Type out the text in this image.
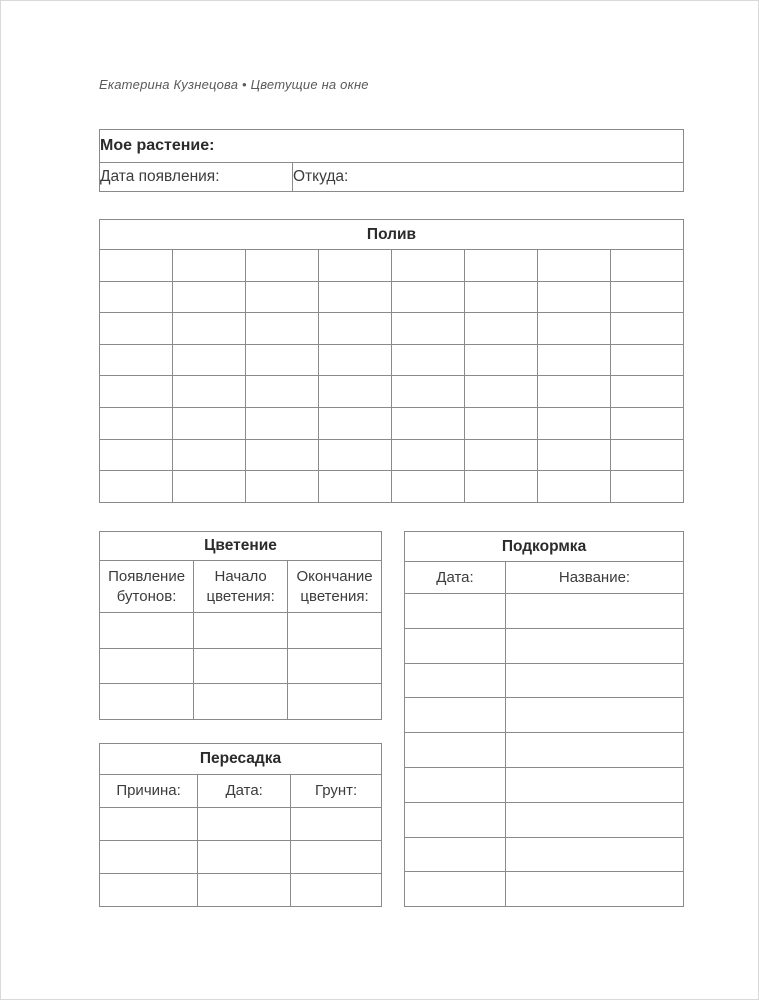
Екатерина Кузнецова • Цветущие на окне
Мое растение:
Дата появления:	Откуда:
Полив							

Цветение		
Появление бутонов:	Начало цветения:	Окончание цветения:

Подкормка	
Дата:	Название:

Пересадка		
Причина:	Дата:	Грунт:
